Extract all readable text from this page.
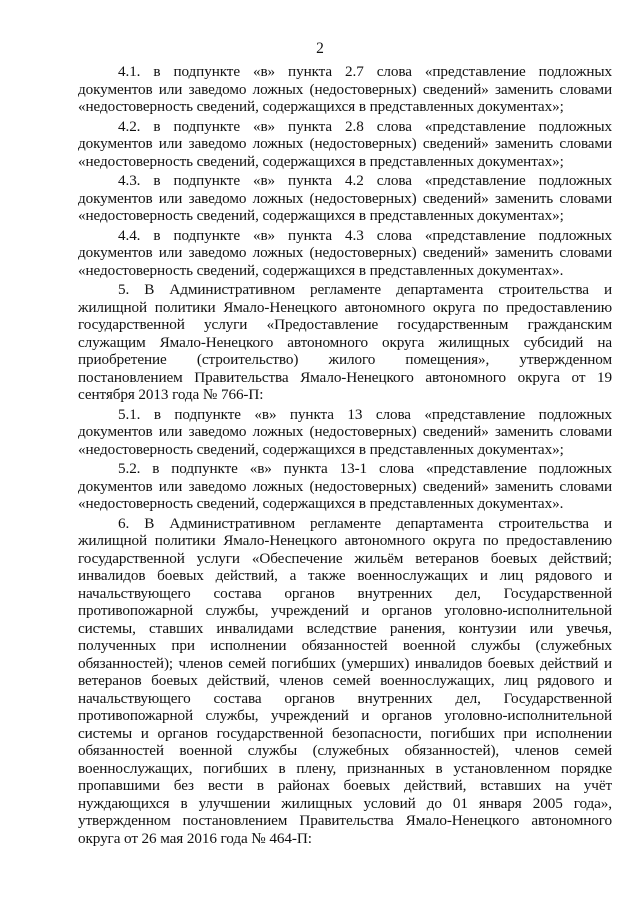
2

4.1. в подпункте «в» пункта 2.7 слова «представление подложных документов или заведомо ложных (недостоверных) сведений» заменить словами «недостоверность сведений, содержащихся в представленных документах»;

4.2. в подпункте «в» пункта 2.8 слова «представление подложных документов или заведомо ложных (недостоверных) сведений» заменить словами «недостоверность сведений, содержащихся в представленных документах»;

4.3. в подпункте «в» пункта 4.2 слова «представление подложных документов или заведомо ложных (недостоверных) сведений» заменить словами «недостоверность сведений, содержащихся в представленных документах»;

4.4. в подпункте «в» пункта 4.3 слова «представление подложных документов или заведомо ложных (недостоверных) сведений» заменить словами «недостоверность сведений, содержащихся в представленных документах».

5. В Административном регламенте департамента строительства и жилищной политики Ямало-Ненецкого автономного округа по предоставлению государственной услуги «Предоставление государственным гражданским служащим Ямало-Ненецкого автономного округа жилищных субсидий на приобретение (строительство) жилого помещения», утвержденном постановлением Правительства Ямало-Ненецкого автономного округа от 19 сентября 2013 года № 766-П:

5.1. в подпункте «в» пункта 13 слова «представление подложных документов или заведомо ложных (недостоверных) сведений» заменить словами «недостоверность сведений, содержащихся в представленных документах»;

5.2. в подпункте «в» пункта 13-1 слова «представление подложных документов или заведомо ложных (недостоверных) сведений» заменить словами «недостоверность сведений, содержащихся в представленных документах».

6. В Административном регламенте департамента строительства и жилищной политики Ямало-Ненецкого автономного округа по предоставлению государственной услуги «Обеспечение жильём ветеранов боевых действий; инвалидов боевых действий, а также военнослужащих и лиц рядового и начальствующего состава органов внутренних дел, Государственной противопожарной службы, учреждений и органов уголовно-исполнительной системы, ставших инвалидами вследствие ранения, контузии или увечья, полученных при исполнении обязанностей военной службы (служебных обязанностей); членов семей погибших (умерших) инвалидов боевых действий и ветеранов боевых действий, членов семей военнослужащих, лиц рядового и начальствующего состава органов внутренних дел, Государственной противопожарной службы, учреждений и органов уголовно-исполнительной системы и органов государственной безопасности, погибших при исполнении обязанностей военной службы (служебных обязанностей), членов семей военнослужащих, погибших в плену, признанных в установленном порядке пропавшими без вести в районах боевых действий, вставших на учёт нуждающихся в улучшении жилищных условий до 01 января 2005 года», утвержденном постановлением Правительства Ямало-Ненецкого автономного округа от 26 мая 2016 года № 464-П:
